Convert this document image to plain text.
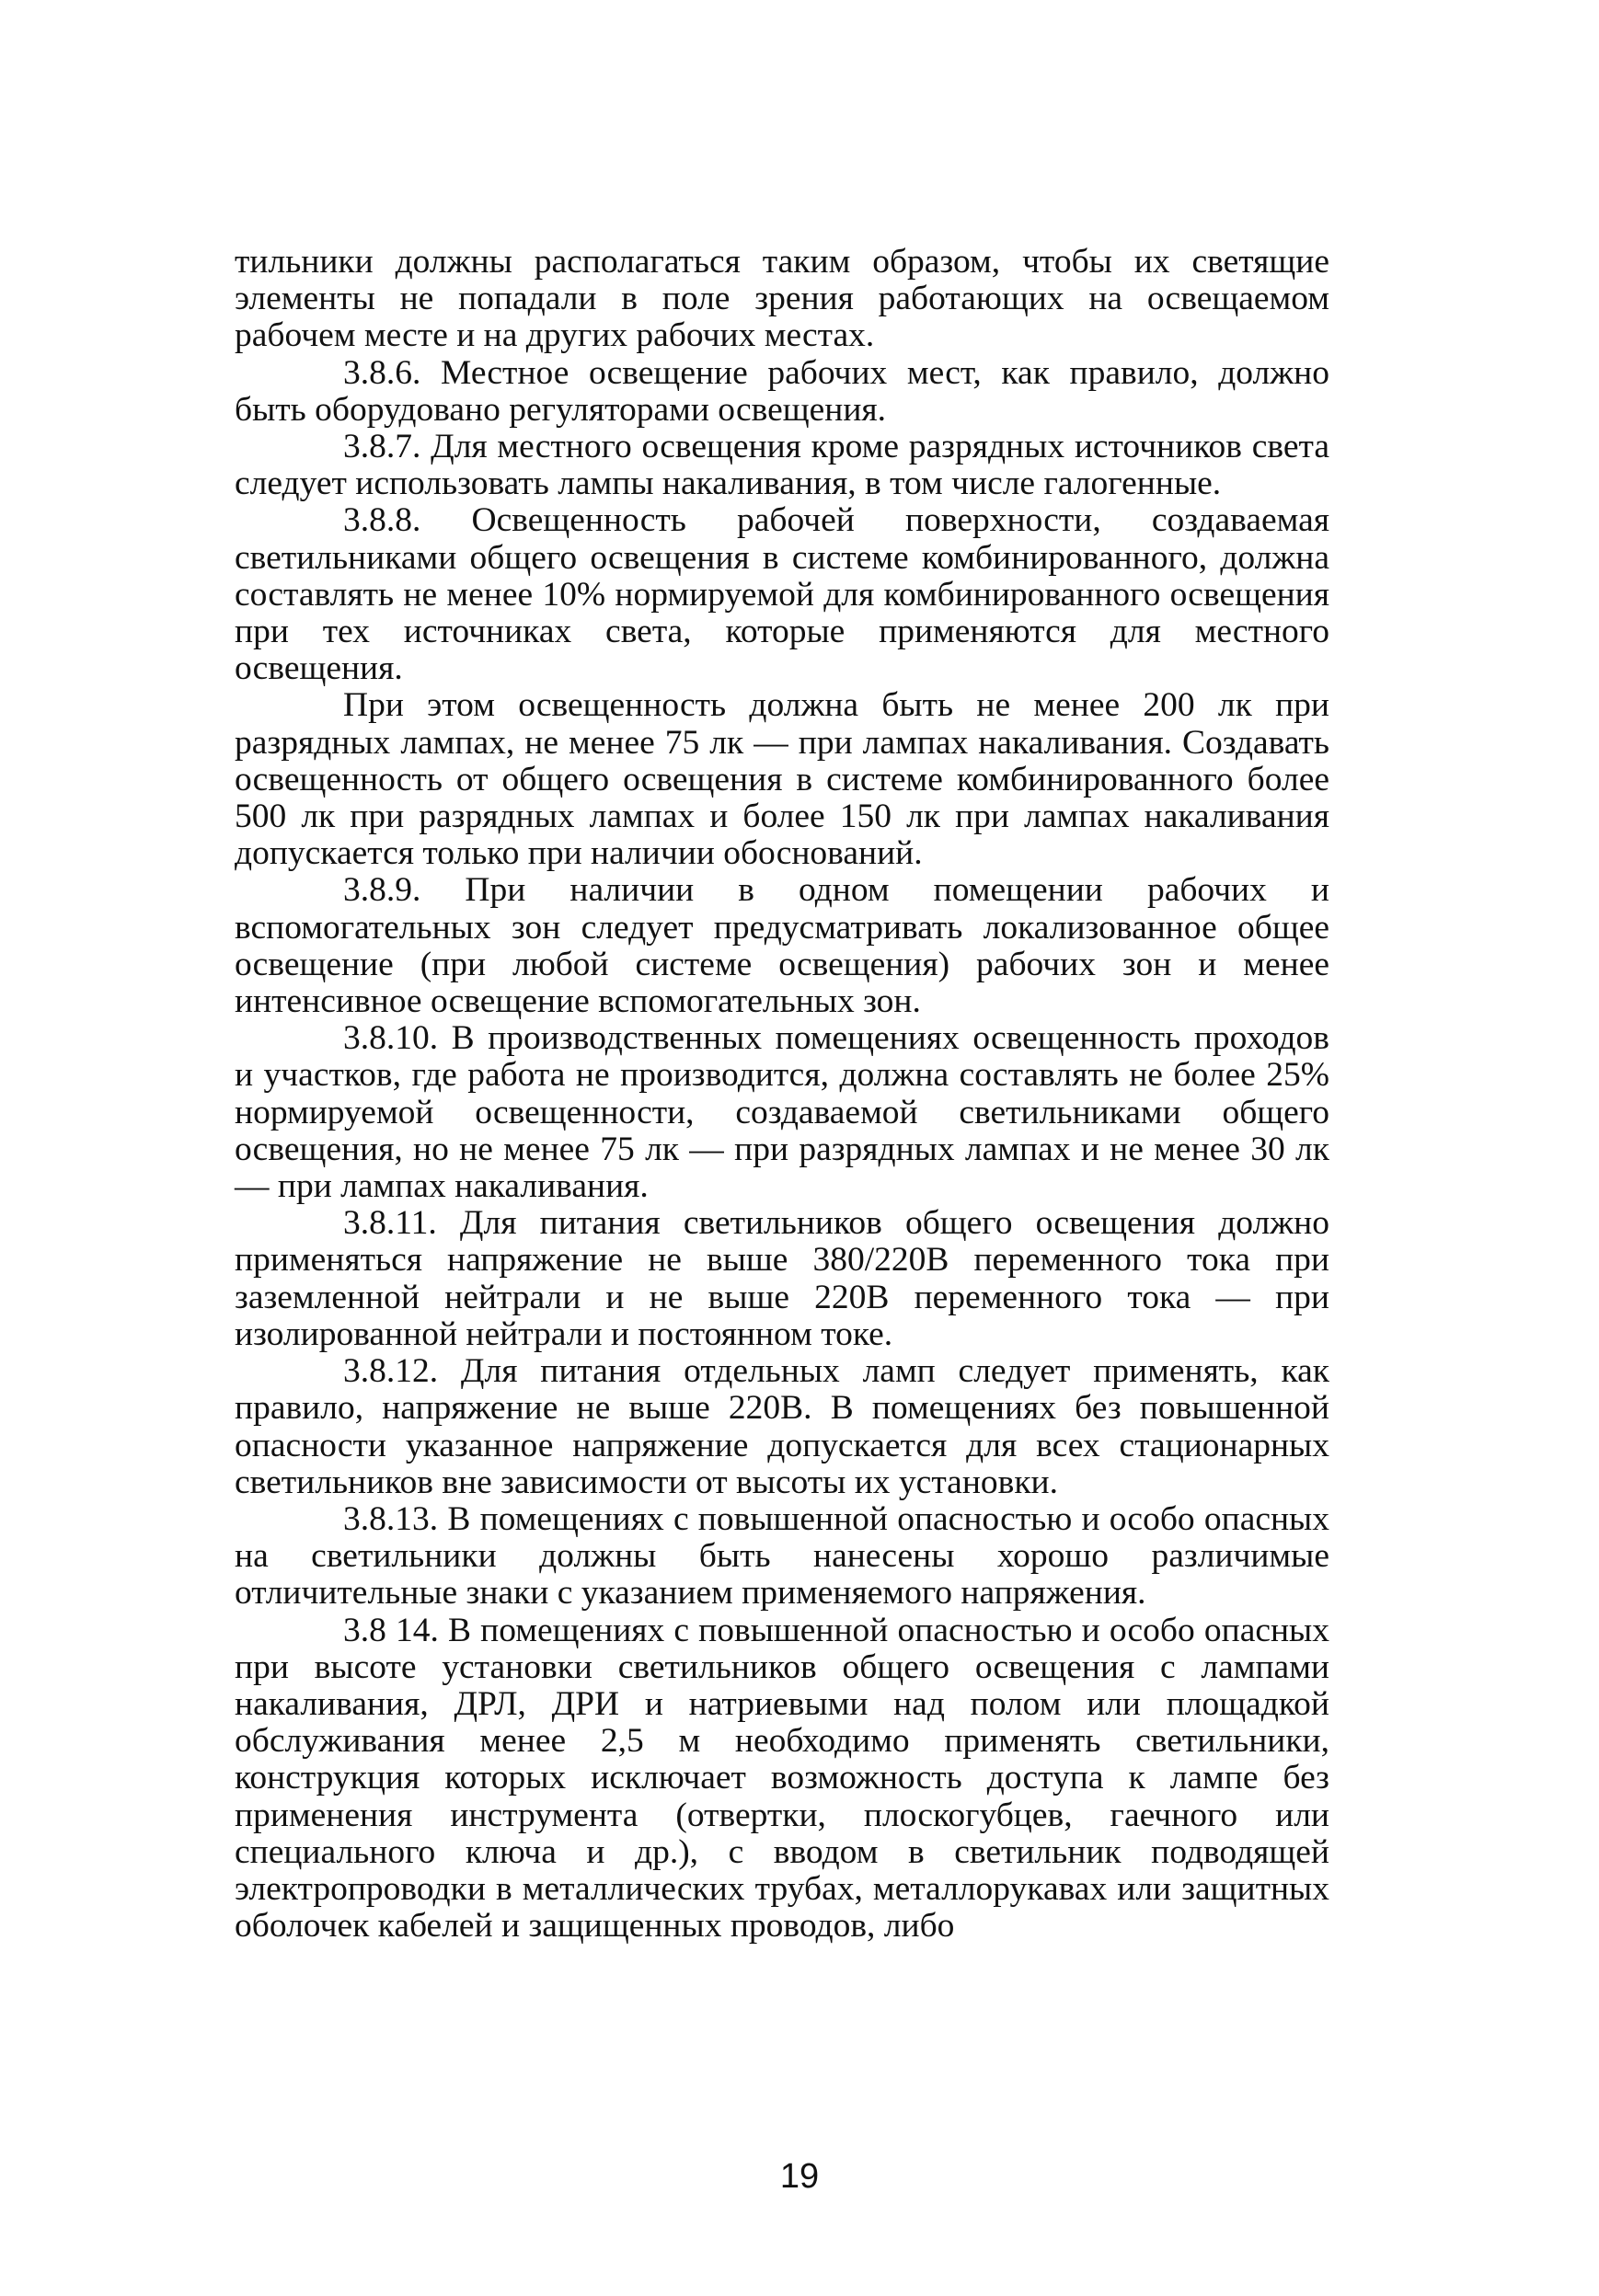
тильники должны располагаться таким образом, чтобы их светящие элементы не попадали в поле зрения работающих на освещаемом рабочем месте и на других рабочих местах.

3.8.6. Местное освещение рабочих мест, как правило, должно быть оборудовано регуляторами освещения.

3.8.7. Для местного освещения кроме разрядных источников света следует использовать лампы накаливания, в том числе галогенные.

3.8.8. Освещенность рабочей поверхности, создаваемая светильниками общего освещения в системе комбинированного, должна составлять не менее 10% нормируемой для комбинированного освещения при тех источниках света, которые применяются для местного освещения.

При этом освещенность должна быть не менее 200 лк при разрядных лампах, не менее 75 лк — при лампах накаливания. Создавать освещенность от общего освещения в системе комбинированного более 500 лк при разрядных лампах и более 150 лк при лампах накаливания допускается только при наличии обоснований.

3.8.9. При наличии в одном помещении рабочих и вспомогательных зон следует предусматривать локализованное общее освещение (при любой системе освещения) рабочих зон и менее интенсивное освещение вспомогательных зон.

3.8.10. В производственных помещениях освещенность проходов и участков, где работа не производится, должна составлять не более 25% нормируемой освещенности, создаваемой светильниками общего освещения, но не менее 75 лк — при разрядных лампах и не менее 30 лк — при лампах накаливания.

3.8.11. Для питания светильников общего освещения должно применяться напряжение не выше 380/220В переменного тока при заземленной нейтрали и не выше 220В переменного тока — при изолированной нейтрали и постоянном токе.

3.8.12. Для питания отдельных ламп следует применять, как правило, напряжение не выше 220В. В помещениях без повышенной опасности указанное напряжение допускается для всех стационарных светильников вне зависимости от высоты их установки.

3.8.13. В помещениях с повышенной опасностью и особо опасных на светильники должны быть нанесены хорошо различимые отличительные знаки с указанием применяемого напряжения.

3.8 14. В помещениях с повышенной опасностью и особо опасных при высоте установки светильников общего освещения с лампами накаливания, ДРЛ, ДРИ и натриевыми над полом или площадкой обслуживания менее 2,5 м необходимо применять светильники, конструкция которых исключает возможность доступа к лампе без применения инструмента (отвертки, плоскогубцев, гаечного или специального ключа и др.), с вводом в светильник подводящей электропроводки в металлических трубах, металлорукавах или защитных оболочек кабелей и защищенных проводов, либо

19
